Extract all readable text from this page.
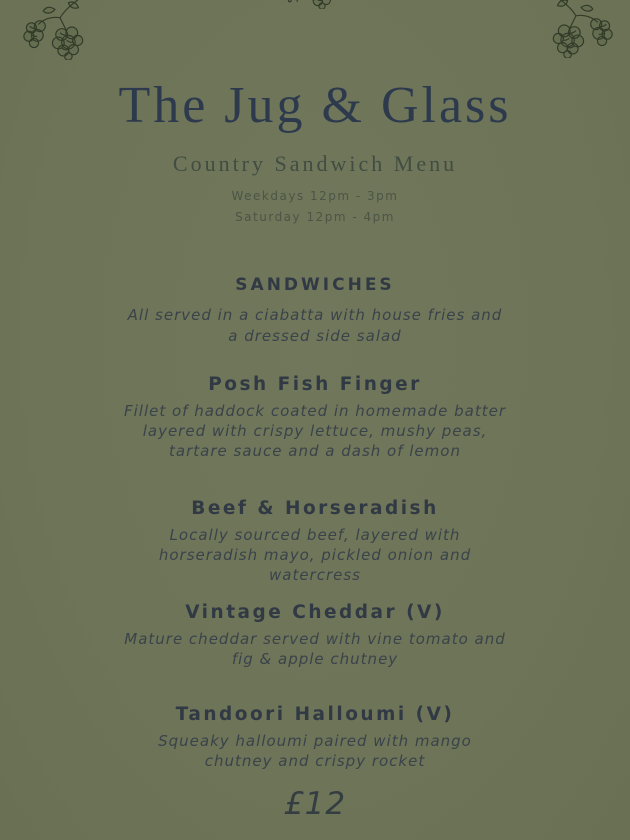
The Jug & Glass
Country Sandwich Menu
Weekdays 12pm - 3pm
Saturday 12pm - 4pm
SANDWICHES

All served in a ciabatta with house fries and
a dressed side salad

Posh Fish Finger

Fillet of haddock coated in homemade batter
layered with crispy lettuce, mushy peas,
tartare sauce and a dash of lemon

Beef & Horseradish

Locally sourced beef, layered with
horseradish mayo, pickled onion and
watercress

Vintage Cheddar (V)

Mature cheddar served with vine tomato and
fig & apple chutney

Tandoori Halloumi (V)

Squeaky halloumi paired with mango
chutney and crispy rocket

£12
